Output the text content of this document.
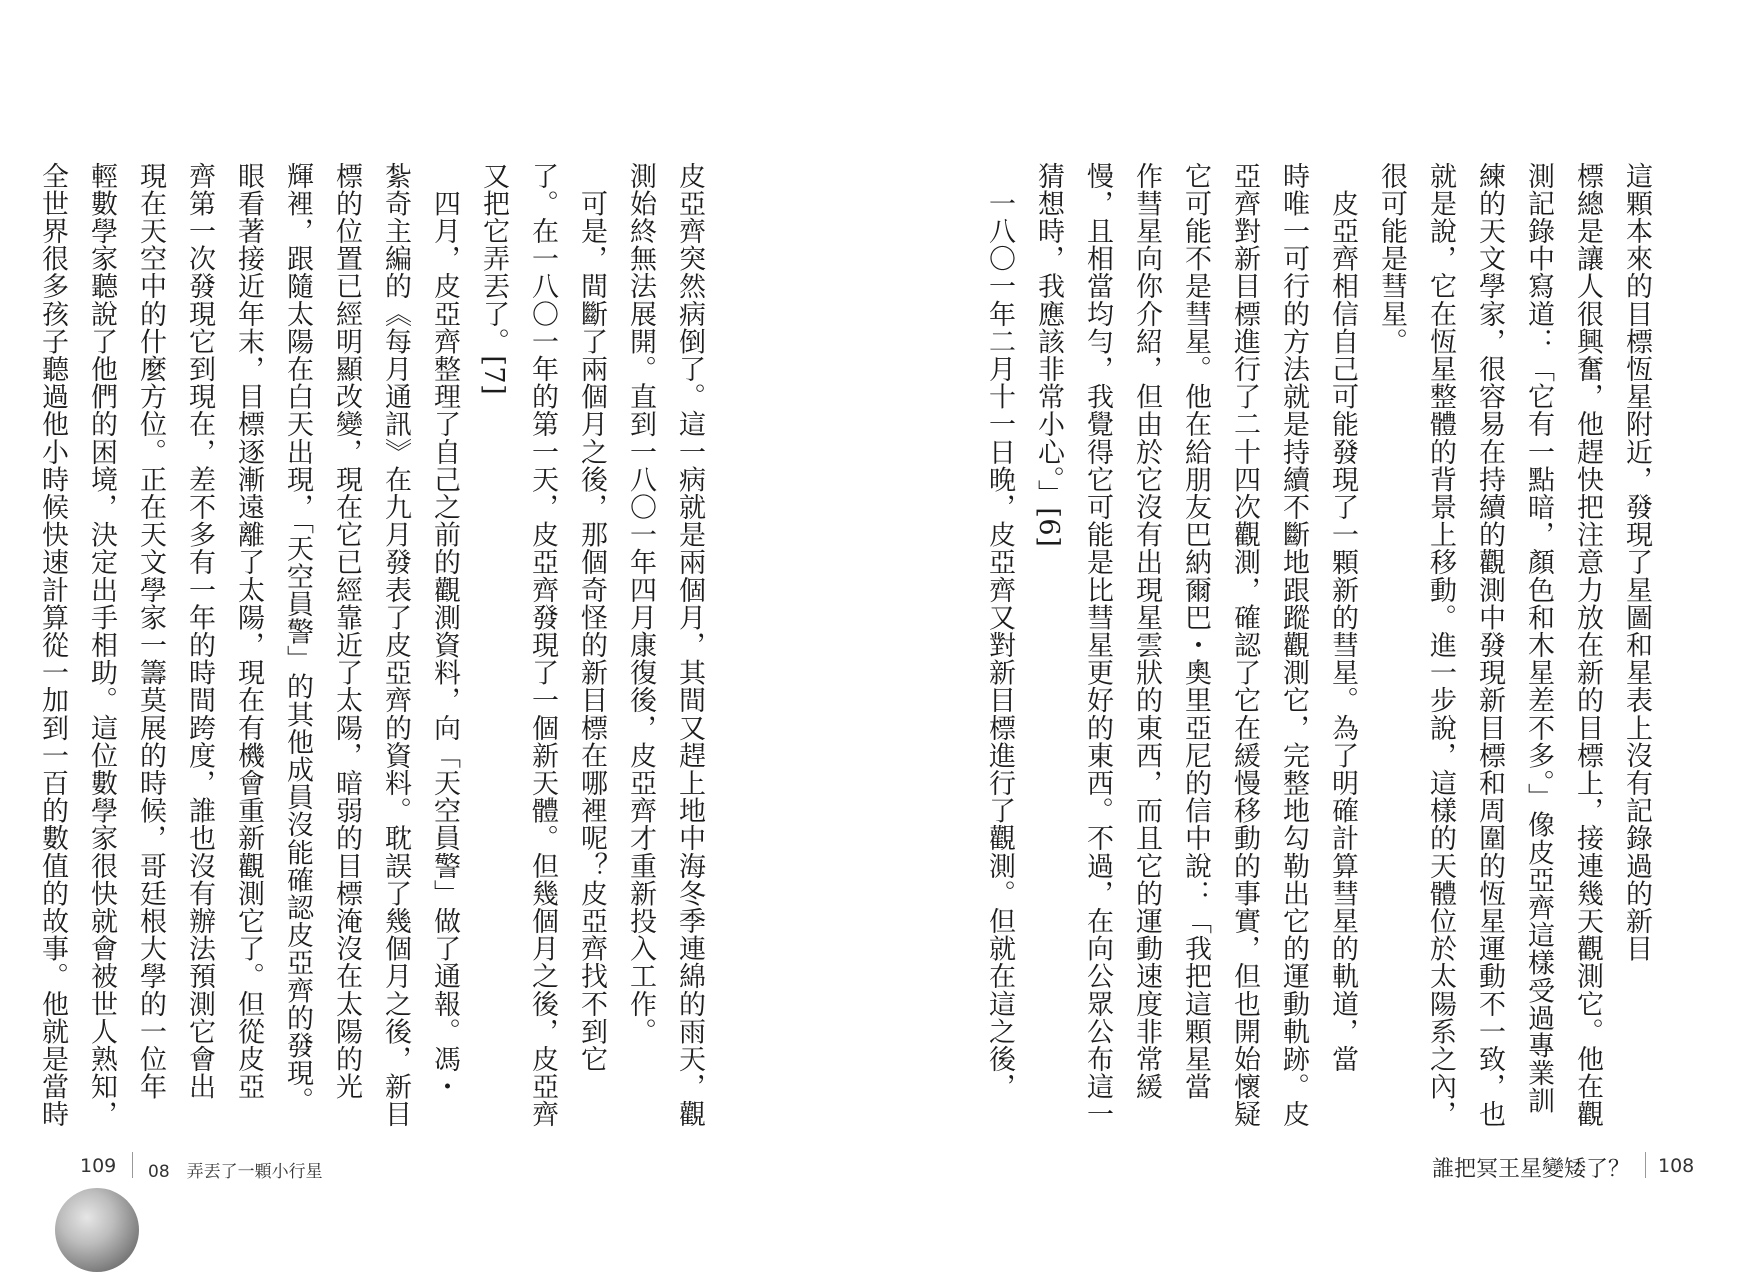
這顆本來的目標恆星附近，發現了星圖和星表上沒有記錄過的新目
標總是讓人很興奮，他趕快把注意力放在新的目標上，接連幾天觀測它。他在觀
測記錄中寫道：「它有一點暗，顏色和木星差不多。」像皮亞齊這樣受過專業訓
練的天文學家，很容易在持續的觀測中發現新目標和周圍的恆星運動不一致，也
就是說，它在恆星整體的背景上移動。進一步說，這樣的天體位於太陽系之內，
很可能是彗星。
　皮亞齊相信自己可能發現了一顆新的彗星。為了明確計算彗星的軌道，當
時唯一可行的方法就是持續不斷地跟蹤觀測它，完整地勾勒出它的運動軌跡。皮
亞齊對新目標進行了二十四次觀測，確認了它在緩慢移動的事實，但也開始懷疑
它可能不是彗星。他在給朋友巴納爾巴・奧里亞尼的信中說：「我把這顆星當
作彗星向你介紹，但由於它沒有出現星雲狀的東西，而且它的運動速度非常緩
慢，且相當均勻，我覺得它可能是比彗星更好的東西。不過，在向公眾公布這一
猜想時，我應該非常小心。」[6]
　一八〇一年二月十一日晚，皮亞齊又對新目標進行了觀測。但就在這之後，
皮亞齊突然病倒了。這一病就是兩個月，其間又趕上地中海冬季連綿的雨天，觀
測始終無法展開。直到一八〇一年四月康復後，皮亞齊才重新投入工作。
　可是，間斷了兩個月之後，那個奇怪的新目標在哪裡呢？皮亞齊找不到它
了。在一八〇一年的第一天，皮亞齊發現了一個新天體。但幾個月之後，皮亞齊
又把它弄丟了。[7]
　四月，皮亞齊整理了自己之前的觀測資料，向「天空員警」做了通報。馮・
紮奇主編的《每月通訊》在九月發表了皮亞齊的資料。耽誤了幾個月之後，新目
標的位置已經明顯改變，現在它已經靠近了太陽，暗弱的目標淹沒在太陽的光
輝裡，跟隨太陽在白天出現，「天空員警」的其他成員沒能確認皮亞齊的發現。
眼看著接近年末，目標逐漸遠離了太陽，現在有機會重新觀測它了。但從皮亞
齊第一次發現它到現在，差不多有一年的時間跨度，誰也沒有辦法預測它會出
現在天空中的什麼方位。正在天文學家一籌莫展的時候，哥廷根大學的一位年
輕數學家聽說了他們的困境，決定出手相助。這位數學家很快就會被世人熟知，
全世界很多孩子聽過他小時候快速計算從一加到一百的數值的故事。他就是當時
109 08　弄丟了一顆小行星	誰把冥王星變矮了？ 108
